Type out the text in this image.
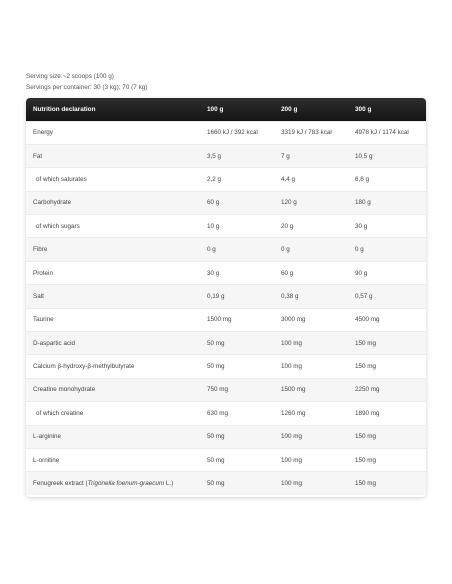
Serving size:~2 scoops (100 g)
Servings per container: 30 (3 kg); 70 (7 kg)
Nutrition declaration	100 g	200 g	300 g
Energy	1660 kJ / 392 kcal	3319 kJ / 783 kcal	4978 kJ / 1174 kcal
Fat	3,5 g	7 g	10,5 g
of which saturates	2,2 g	4,4 g	6,6 g
Carbohydrate	60 g	120 g	180 g
of which sugars	10 g	20 g	30 g
Fibre	0 g	0 g	0 g
Protein	30 g	60 g	90 g
Salt	0,19 g	0,38 g	0,57 g
Taurine	1500 mg	3000 mg	4500 mg
D-aspartic acid	50 mg	100 mg	150 mg
Calcium β-hydroxy-β-methylbutyrate	50 mg	100 mg	150 mg
Creatine monohydrate	750 mg	1500 mg	2250 mg
of which creatine	630 mg	1260 mg	1890 mg
L-arginine	50 mg	100 mg	150 mg
L-ornitine	50 mg	100 mg	150 mg
Fenugreek extract (Trigonella foenum-graecum L.)	50 mg	100 mg	150 mg
